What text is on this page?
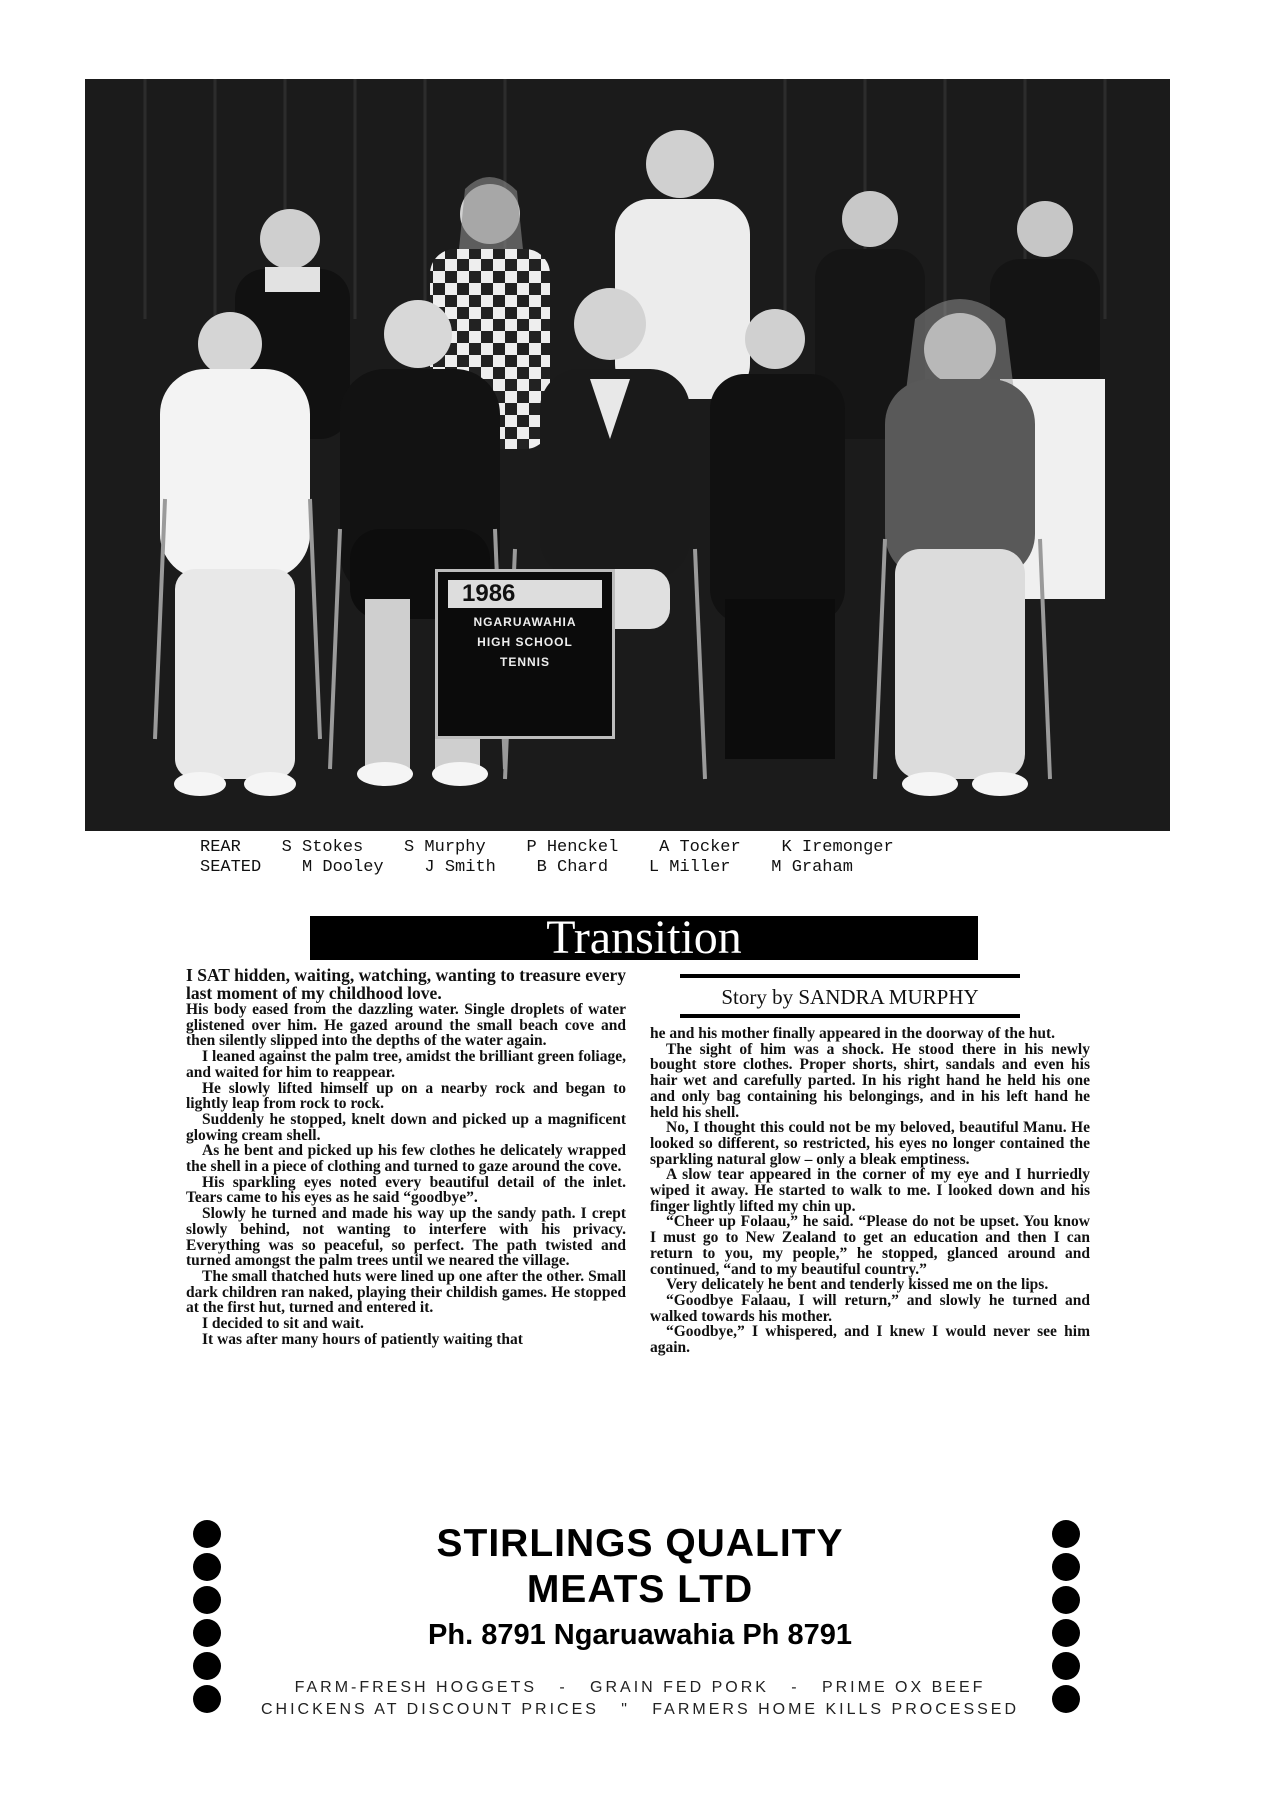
1986
NGARUAWAHIA
HIGH SCHOOL
TENNIS
REAR    S Stokes    S Murphy    P Henckel    A Tocker    K Iremonger
SEATED    M Dooley    J Smith    B Chard    L Miller    M Graham
Transition
Story by SANDRA MURPHY

I SAT hidden, waiting, watching, wanting to treasure every last moment of my childhood love.

His body eased from the dazzling water. Single droplets of water glistened over him. He gazed around the small beach cove and then silently slipped into the depths of the water again.

I leaned against the palm tree, amidst the brilliant green foliage, and waited for him to reappear.

He slowly lifted himself up on a nearby rock and began to lightly leap from rock to rock.

Suddenly he stopped, knelt down and picked up a magnificent glowing cream shell.

As he bent and picked up his few clothes he delicately wrapped the shell in a piece of clothing and turned to gaze around the cove.

His sparkling eyes noted every beautiful detail of the inlet. Tears came to his eyes as he said “goodbye”.

Slowly he turned and made his way up the sandy path. I crept slowly behind, not wanting to interfere with his privacy. Everything was so peaceful, so perfect. The path twisted and turned amongst the palm trees until we neared the village.

The small thatched huts were lined up one after the other. Small dark children ran naked, playing their childish games. He stopped at the first hut, turned and entered it.

I decided to sit and wait.

It was after many hours of patiently waiting that

he and his mother finally appeared in the doorway of the hut.

The sight of him was a shock. He stood there in his newly bought store clothes. Proper shorts, shirt, sandals and even his hair wet and carefully parted. In his right hand he held his one and only bag containing his belongings, and in his left hand he held his shell.

No, I thought this could not be my beloved, beautiful Manu. He looked so different, so restricted, his eyes no longer contained the sparkling natural glow – only a bleak emptiness.

A slow tear appeared in the corner of my eye and I hurriedly wiped it away. He started to walk to me. I looked down and his finger lightly lifted my chin up.

“Cheer up Folaau,” he said. “Please do not be upset. You know I must go to New Zealand to get an education and then I can return to you, my people,” he stopped, glanced around and continued, “and to my beautiful country.”

Very delicately he bent and tenderly kissed me on the lips.

“Goodbye Falaau, I will return,” and slowly he turned and walked towards his mother.

“Goodbye,” I whispered, and I knew I would never see him again.

STIRLINGS QUALITY
MEATS LTD
Ph. 8791 Ngaruawahia Ph 8791
FARM-FRESH HOGGETS   -   GRAIN FED PORK   -   PRIME OX BEEF
CHICKENS AT DISCOUNT PRICES   "   FARMERS HOME KILLS PROCESSED
